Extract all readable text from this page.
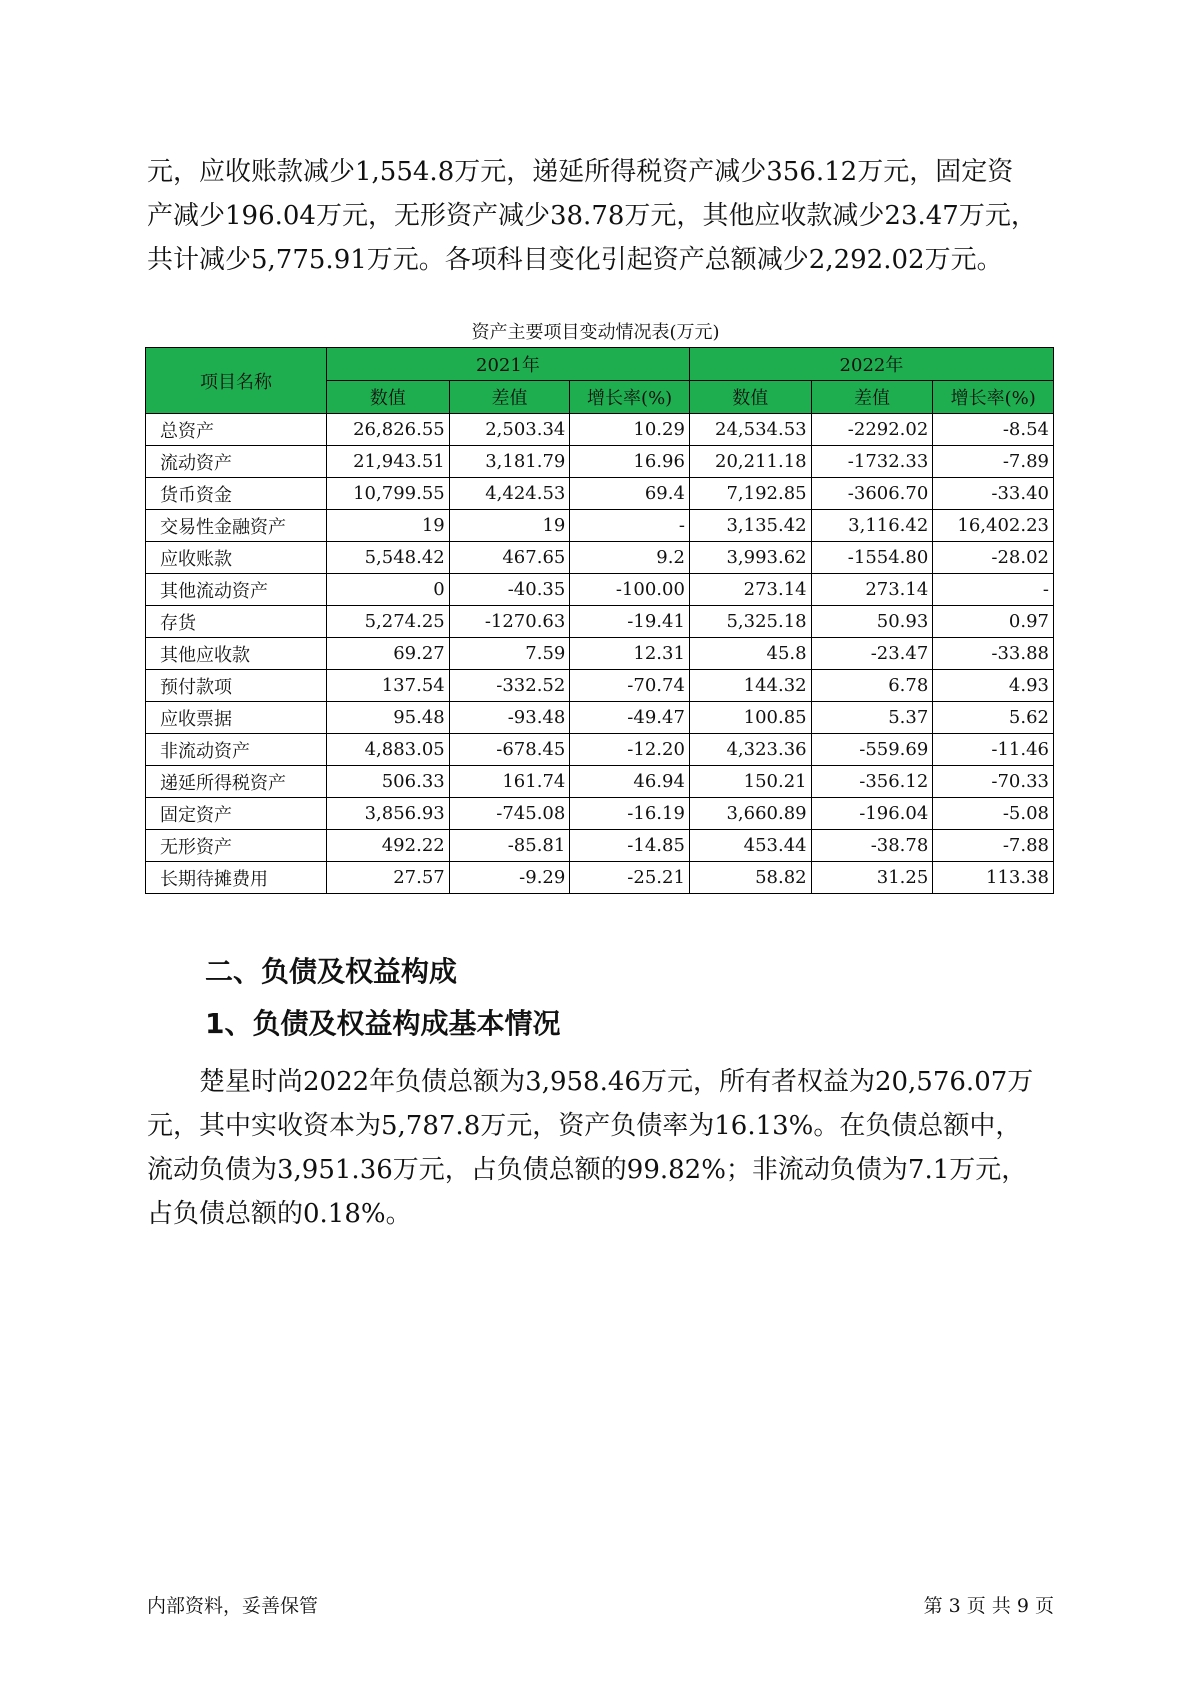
元，应收账款减少1,554.8万元，递延所得税资产减少356.12万元，固定资
产减少196.04万元，无形资产减少38.78万元，其他应收款减少23.47万元，
共计减少5,775.91万元。各项科目变化引起资产总额减少2,292.02万元。
资产主要项目变动情况表(万元)
项目名称	2021年			2022年		
	数值	差值	增长率(%)	数值	差值	增长率(%)
总资产	26,826.55	2,503.34	10.29	24,534.53	-2292.02	-8.54
流动资产	21,943.51	3,181.79	16.96	20,211.18	-1732.33	-7.89
货币资金	10,799.55	4,424.53	69.4	7,192.85	-3606.70	-33.40
交易性金融资产	19	19	-	3,135.42	3,116.42	16,402.23
应收账款	5,548.42	467.65	9.2	3,993.62	-1554.80	-28.02
其他流动资产	0	-40.35	-100.00	273.14	273.14	-
存货	5,274.25	-1270.63	-19.41	5,325.18	50.93	0.97
其他应收款	69.27	7.59	12.31	45.8	-23.47	-33.88
预付款项	137.54	-332.52	-70.74	144.32	6.78	4.93
应收票据	95.48	-93.48	-49.47	100.85	5.37	5.62
非流动资产	4,883.05	-678.45	-12.20	4,323.36	-559.69	-11.46
递延所得税资产	506.33	161.74	46.94	150.21	-356.12	-70.33
固定资产	3,856.93	-745.08	-16.19	3,660.89	-196.04	-5.08
无形资产	492.22	-85.81	-14.85	453.44	-38.78	-7.88
长期待摊费用	27.57	-9.29	-25.21	58.82	31.25	113.38
二、负债及权益构成
1、负债及权益构成基本情况
　　楚星时尚2022年负债总额为3,958.46万元，所有者权益为20,576.07万
元，其中实收资本为5,787.8万元，资产负债率为16.13%。在负债总额中，
流动负债为3,951.36万元，占负债总额的99.82%；非流动负债为7.1万元，
占负债总额的0.18%。
内部资料，妥善保管	第 3 页 共 9 页
